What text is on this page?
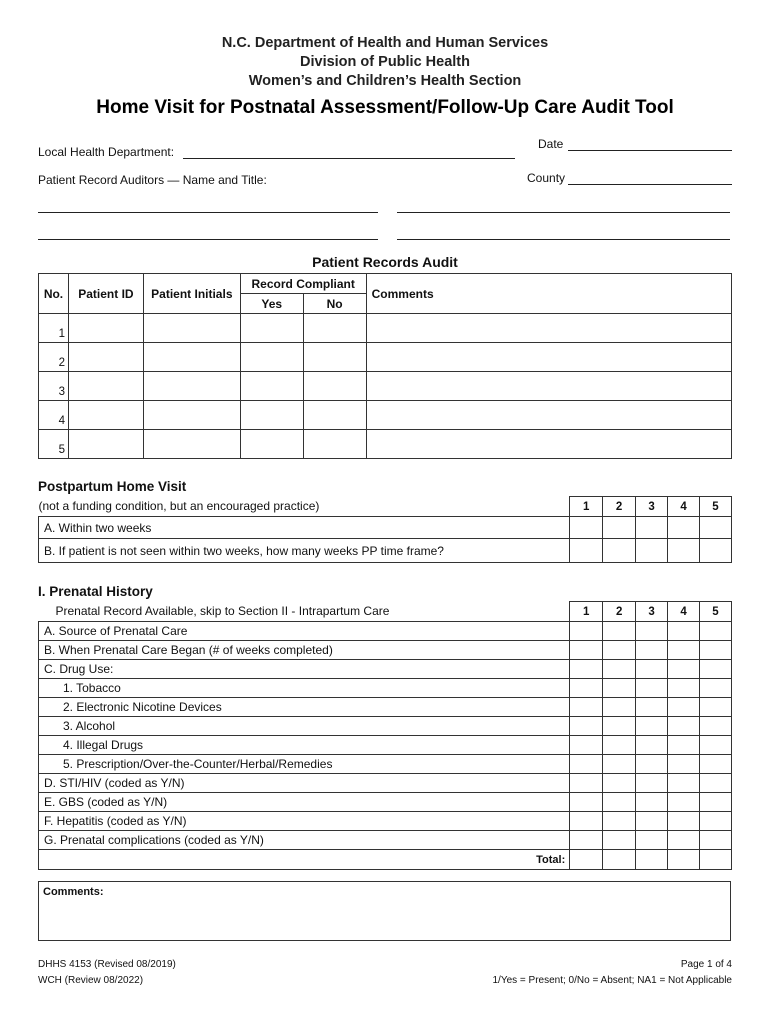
N.C. Department of Health and Human Services
Division of Public Health
Women’s and Children’s Health Section
Home Visit for Postnatal Assessment/Follow-Up Care Audit Tool
Date
Local Health Department:
Patient Record Auditors — Name and Title:	County
Patient Records Audit
No.	Patient ID	Patient Initials	Record Compliant		Comments
			Yes	No	
1					
2					
3					
4					
5					
Postpartum Home Visit
(not a funding condition, but an encouraged practice)	1	2	3	4	5
A. Within two weeks					
B. If patient is not seen within two weeks, how many weeks PP time frame?					
I. Prenatal History
Prenatal Record Available, skip to Section II - Intrapartum Care	1	2	3	4	5
A. Source of Prenatal Care					
B. When Prenatal Care Began (# of weeks completed)					
C. Drug Use:					
1. Tobacco					
2. Electronic Nicotine Devices					
3. Alcohol					
4. Illegal Drugs					
5. Prescription/Over-the-Counter/Herbal/Remedies					
D. STI/HIV (coded as Y/N)					
E. GBS (coded as Y/N)					
F. Hepatitis (coded as Y/N)					
G. Prenatal complications (coded as Y/N)					
Total:					
Comments:
DHHS 4153 (Revised 08/2019)
WCH (Review 08/2022)
Page 1 of 4
1/Yes = Present; 0/No = Absent; NA1 = Not Applicable
